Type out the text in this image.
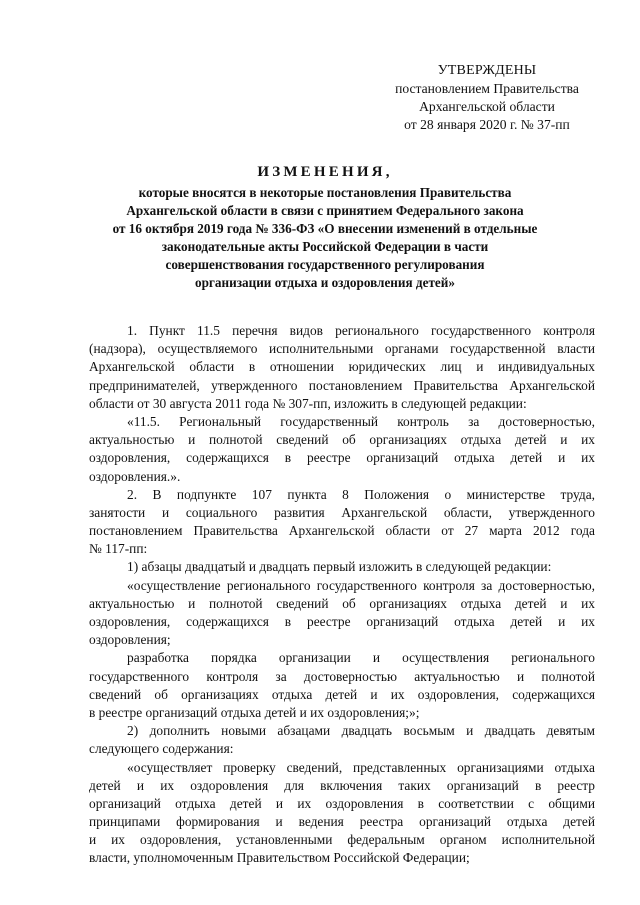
УТВЕРЖДЕНЫ
постановлением Правительства
Архангельской области
от 28 января 2020 г. № 37-пп
ИЗМЕНЕНИЯ,
которые вносятся в некоторые постановления Правительства
Архангельской области в связи с принятием Федерального закона
от 16 октября 2019 года № 336-ФЗ «О внесении изменений в отдельные
законодательные акты Российской Федерации в части
совершенствования государственного регулирования
организации отдыха и оздоровления детей»
1. Пункт 11.5 перечня видов регионального государственного контроля
(надзора), осуществляемого исполнительными органами государственной власти
Архангельской области в отношении юридических лиц и индивидуальных
предпринимателей, утвержденного постановлением Правительства Архангельской
области от 30 августа 2011 года № 307-пп, изложить в следующей редакции:
«11.5. Региональный государственный контроль за достоверностью,
актуальностью и полнотой сведений об организациях отдыха детей и их
оздоровления, содержащихся в реестре организаций отдыха детей и их
оздоровления.».
2. В подпункте 107 пункта 8 Положения о министерстве труда,
занятости и социального развития Архангельской области, утвержденного
постановлением Правительства Архангельской области от 27 марта 2012 года
№ 117-пп:
1) абзацы двадцатый и двадцать первый изложить в следующей редакции:
«осуществление регионального государственного контроля за достоверностью,
актуальностью и полнотой сведений об организациях отдыха детей и их
оздоровления, содержащихся в реестре организаций отдыха детей и их
оздоровления;
разработка порядка организации и осуществления регионального
государственного контроля за достоверностью актуальностью и полнотой
сведений об организациях отдыха детей и их оздоровления, содержащихся
в реестре организаций отдыха детей и их оздоровления;»;
2) дополнить новыми абзацами двадцать восьмым и двадцать девятым
следующего содержания:
«осуществляет проверку сведений, представленных организациями отдыха
детей и их оздоровления для включения таких организаций в реестр
организаций отдыха детей и их оздоровления в соответствии с общими
принципами формирования и ведения реестра организаций отдыха детей
и их оздоровления, установленными федеральным органом исполнительной
власти, уполномоченным Правительством Российской Федерации;
